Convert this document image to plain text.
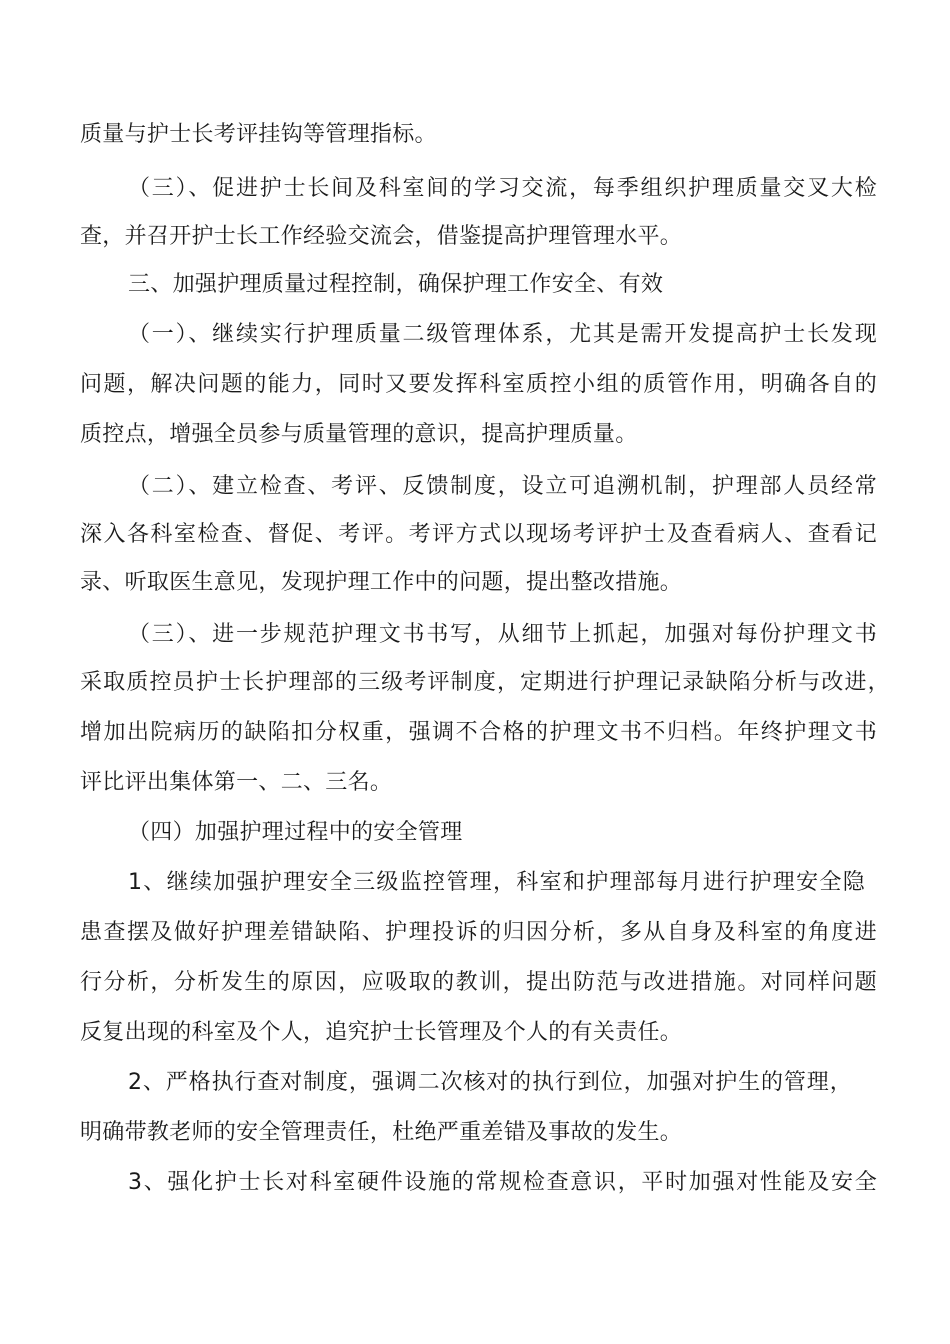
质量与护士长考评挂钩等管理指标。
（三）、促进护士长间及科室间的学习交流，每季组织护理质量交叉大检
查，并召开护士长工作经验交流会，借鉴提高护理管理水平。
三、加强护理质量过程控制，确保护理工作安全、有效
（一）、继续实行护理质量二级管理体系，尤其是需开发提高护士长发现
问题，解决问题的能力，同时又要发挥科室质控小组的质管作用，明确各自的
质控点，增强全员参与质量管理的意识，提高护理质量。
（二）、建立检查、考评、反馈制度，设立可追溯机制，护理部人员经常
深入各科室检查、督促、考评。考评方式以现场考评护士及查看病人、查看记
录、听取医生意见，发现护理工作中的问题，提出整改措施。
（三）、进一步规范护理文书书写，从细节上抓起，加强对每份护理文书
采取质控员护士长护理部的三级考评制度，定期进行护理记录缺陷分析与改进，
增加出院病历的缺陷扣分权重，强调不合格的护理文书不归档。年终护理文书
评比评出集体第一、二、三名。
（四）加强护理过程中的安全管理
1、继续加强护理安全三级监控管理，科室和护理部每月进行护理安全隐
患查摆及做好护理差错缺陷、护理投诉的归因分析，多从自身及科室的角度进
行分析，分析发生的原因，应吸取的教训，提出防范与改进措施。对同样问题
反复出现的科室及个人，追究护士长管理及个人的有关责任。
2、严格执行查对制度，强调二次核对的执行到位，加强对护生的管理，
明确带教老师的安全管理责任，杜绝严重差错及事故的发生。
3、强化护士长对科室硬件设施的常规检查意识，平时加强对性能及安全
